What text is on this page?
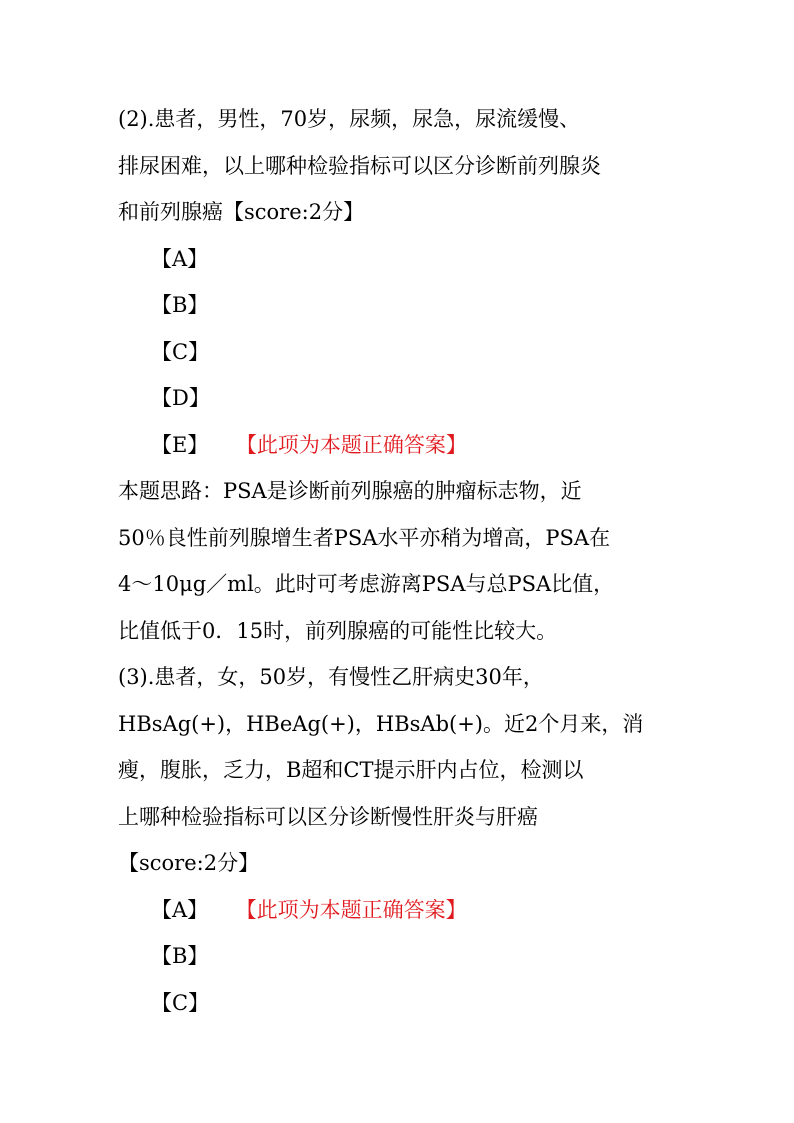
(2).患者，男性，70岁，尿频，尿急，尿流缓慢、
排尿困难，以上哪种检验指标可以区分诊断前列腺炎
和前列腺癌【score:2分】
【A】
【B】
【C】
【D】
【E】 【此项为本题正确答案】
本题思路：PSA是诊断前列腺癌的肿瘤标志物，近
50％良性前列腺增生者PSA水平亦稍为增高，PSA在
4～10μg／ml。此时可考虑游离PSA与总PSA比值，
比值低于0．15时，前列腺癌的可能性比较大。
(3).患者，女，50岁，有慢性乙肝病史30年，
HBsAg(+)，HBeAg(+)，HBsAb(+)。近2个月来，消
瘦，腹胀，乏力，B超和CT提示肝内占位，检测以
上哪种检验指标可以区分诊断慢性肝炎与肝癌
【score:2分】
【A】 【此项为本题正确答案】
【B】
【C】
